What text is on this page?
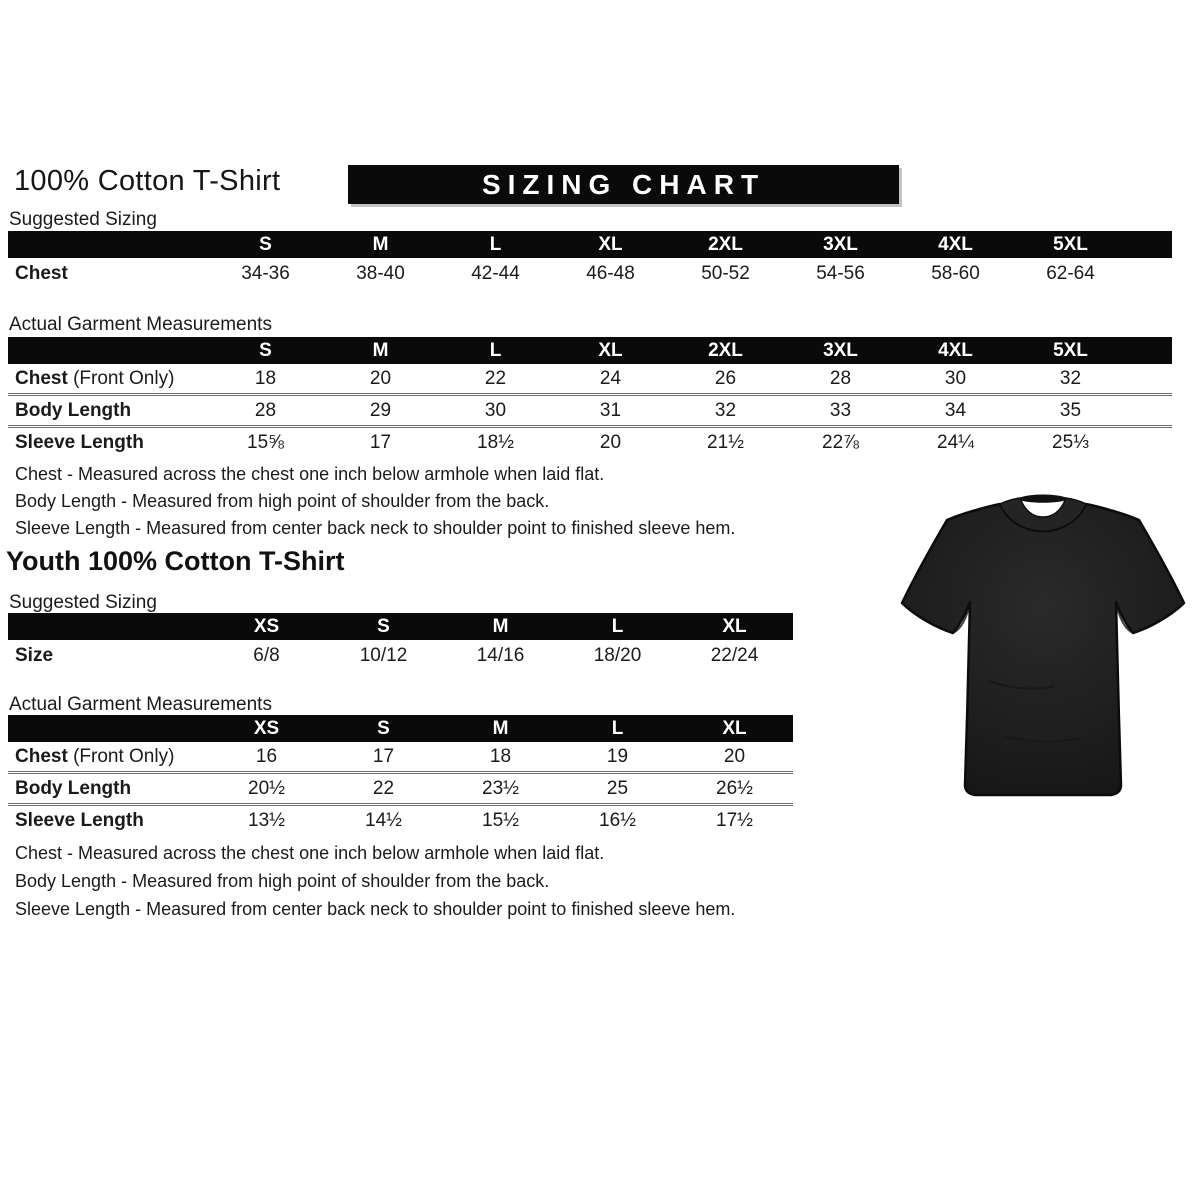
100% Cotton T-Shirt	SIZING CHART
Suggested Sizing
	S	M	L	XL	2XL	3XL	4XL	5XL	
Chest	34-36	38-40	42-44	46-48	50-52	54-56	58-60	62-64	
Actual Garment Measurements
	S	M	L	XL	2XL	3XL	4XL	5XL	
Chest (Front Only)	18	20	22	24	26	28	30	32	
Body Length	28	29	30	31	32	33	34	35	
Sleeve Length	15⅝	17	18½	20	21½	22⅞	24¼	25⅓	
Chest - Measured across the chest one inch below armhole when laid flat.
Body Length - Measured from high point of shoulder from the back.
Sleeve Length - Measured from center back neck to shoulder point to finished sleeve hem.
Youth 100% Cotton T-Shirt
Suggested Sizing
	XS	S	M	L	XL
Size	6/8	10/12	14/16	18/20	22/24
Actual Garment Measurements
	XS	S	M	L	XL
Chest (Front Only)	16	17	18	19	20
Body Length	20½	22	23½	25	26½
Sleeve Length	13½	14½	15½	16½	17½
Chest - Measured across the chest one inch below armhole when laid flat.
Body Length - Measured from high point of shoulder from the back.
Sleeve Length - Measured from center back neck to shoulder point to finished sleeve hem.
